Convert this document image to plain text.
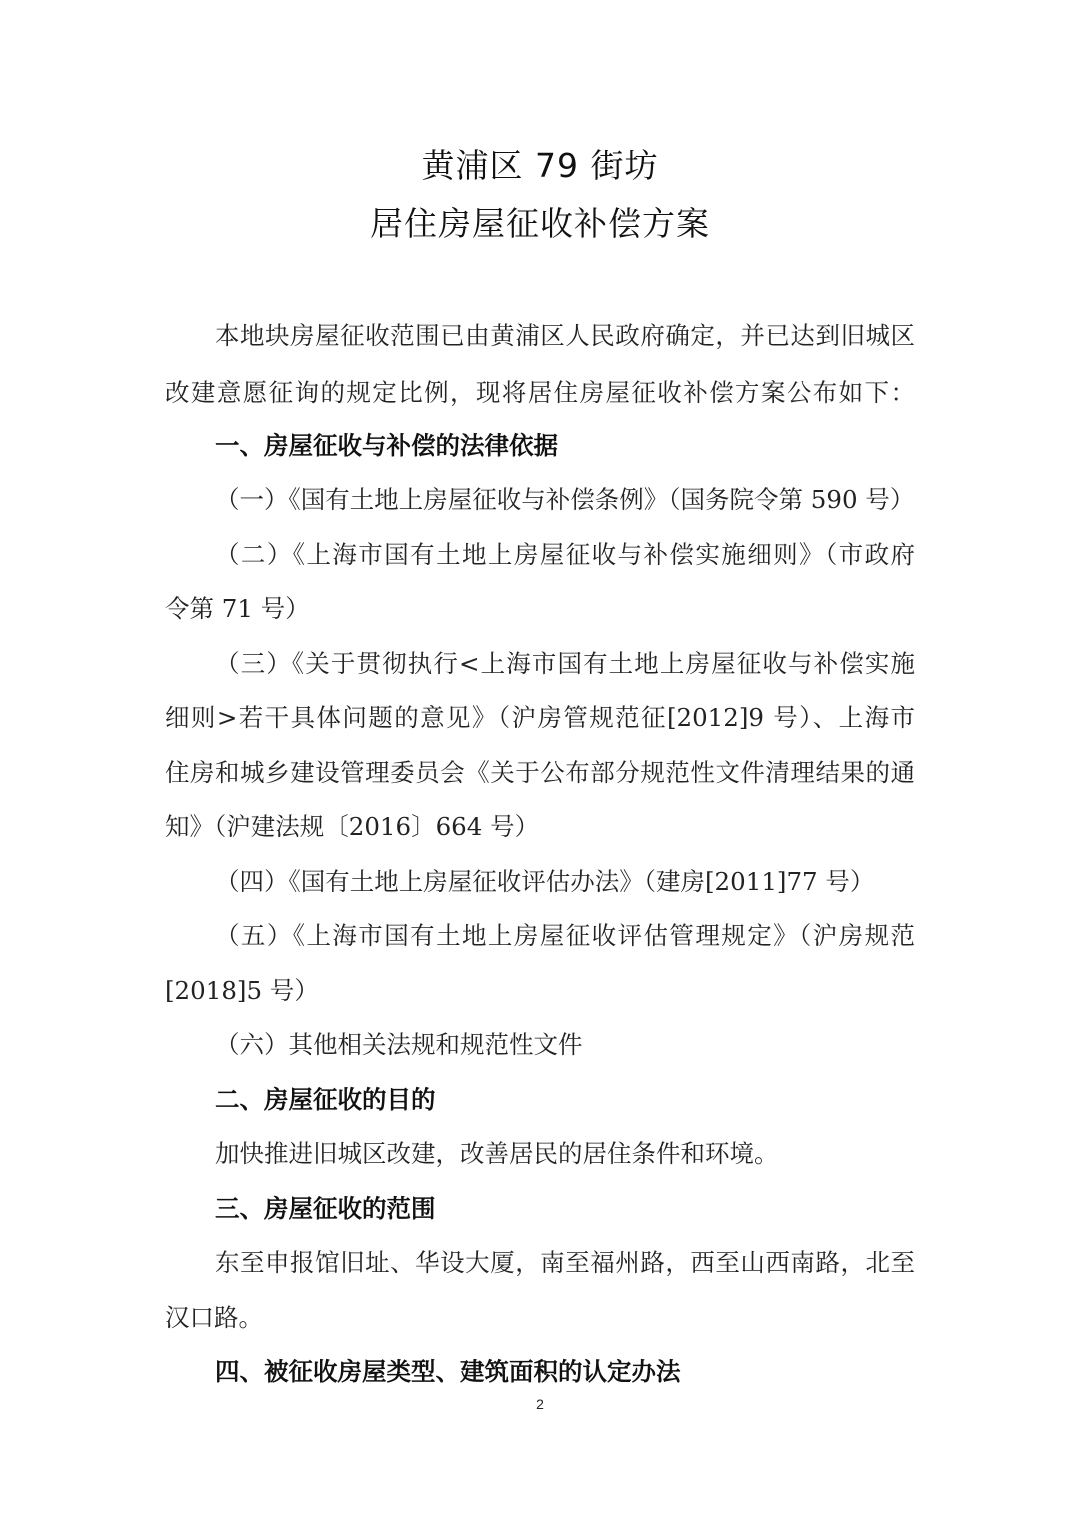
黄浦区 79 街坊
居住房屋征收补偿方案
本地块房屋征收范围已由黄浦区人民政府确定，并已达到旧城区
改建意愿征询的规定比例，现将居住房屋征收补偿方案公布如下：
一、房屋征收与补偿的法律依据
（一）《国有土地上房屋征收与补偿条例》（国务院令第 590 号）
（二）《上海市国有土地上房屋征收与补偿实施细则》（市政府
令第 71 号）
（三）《关于贯彻执行<上海市国有土地上房屋征收与补偿实施
细则>若干具体问题的意见》（沪房管规范征[2012]9 号）、上海市
住房和城乡建设管理委员会《关于公布部分规范性文件清理结果的通
知》（沪建法规〔2016〕664 号）
（四）《国有土地上房屋征收评估办法》（建房[2011]77 号）
（五）《上海市国有土地上房屋征收评估管理规定》（沪房规范
[2018]5 号）
（六）其他相关法规和规范性文件
二、房屋征收的目的
加快推进旧城区改建，改善居民的居住条件和环境。
三、房屋征收的范围
东至申报馆旧址、华设大厦，南至福州路，西至山西南路，北至
汉口路。
四、被征收房屋类型、建筑面积的认定办法
2
